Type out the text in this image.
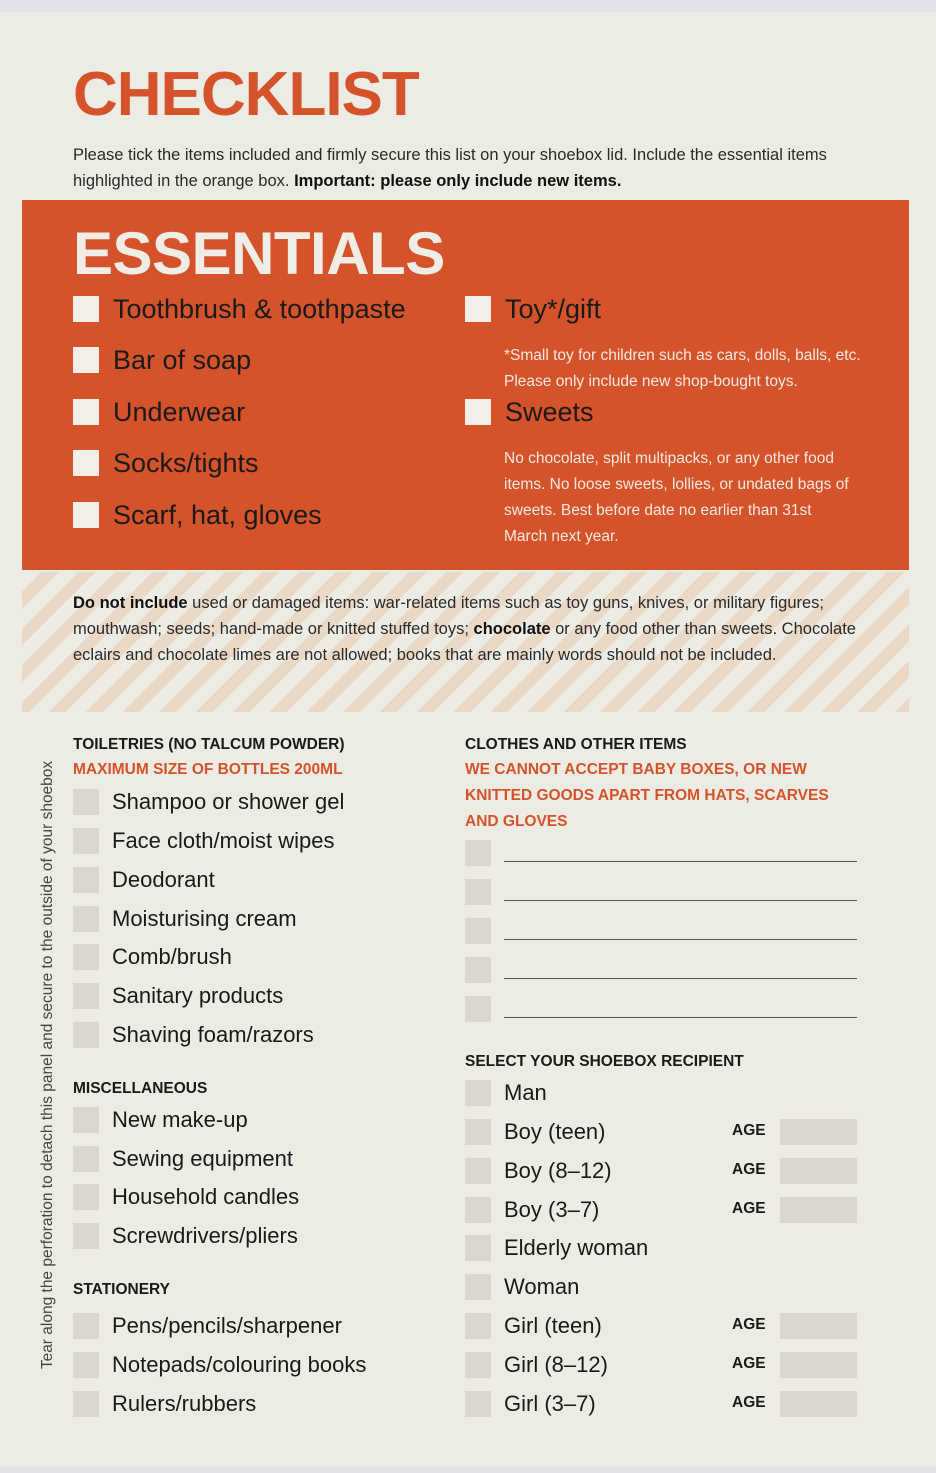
CHECKLIST
Please tick the items included and firmly secure this list on your shoebox lid. Include the essential items highlighted in the orange box. Important: please only include new items.
ESSENTIALS
Toothbrush & toothpaste
Bar of soap
Underwear
Socks/tights
Scarf, hat, gloves
Toy*/gift
*Small toy for children such as cars, dolls, balls, etc. Please only include new shop-bought toys.
Sweets
No chocolate, split multipacks, or any other food items. No loose sweets, lollies, or undated bags of sweets. Best before date no earlier than 31st March next year.
Do not include used or damaged items: war-related items such as toy guns, knives, or military figures; mouthwash; seeds; hand-made or knitted stuffed toys; chocolate or any food other than sweets. Chocolate eclairs and chocolate limes are not allowed; books that are mainly words should not be included.
Tear along the perforation to detach this panel and secure to the outside of your shoebox
TOILETRIES (NO TALCUM POWDER)
MAXIMUM SIZE OF BOTTLES 200ML
Shampoo or shower gel
Face cloth/moist wipes
Deodorant
Moisturising cream
Comb/brush
Sanitary products
Shaving foam/razors
MISCELLANEOUS
New make-up
Sewing equipment
Household candles
Screwdrivers/pliers
STATIONERY
Pens/pencils/sharpener
Notepads/colouring books
Rulers/rubbers
CLOTHES AND OTHER ITEMS
WE CANNOT ACCEPT BABY BOXES, OR NEW KNITTED GOODS APART FROM HATS, SCARVES AND GLOVES
SELECT YOUR SHOEBOX RECIPIENT
Man
Boy (teen)	AGE
Boy (8–12)	AGE
Boy (3–7)	AGE
Elderly woman
Woman
Girl (teen)	AGE
Girl (8–12)	AGE
Girl (3–7)	AGE
